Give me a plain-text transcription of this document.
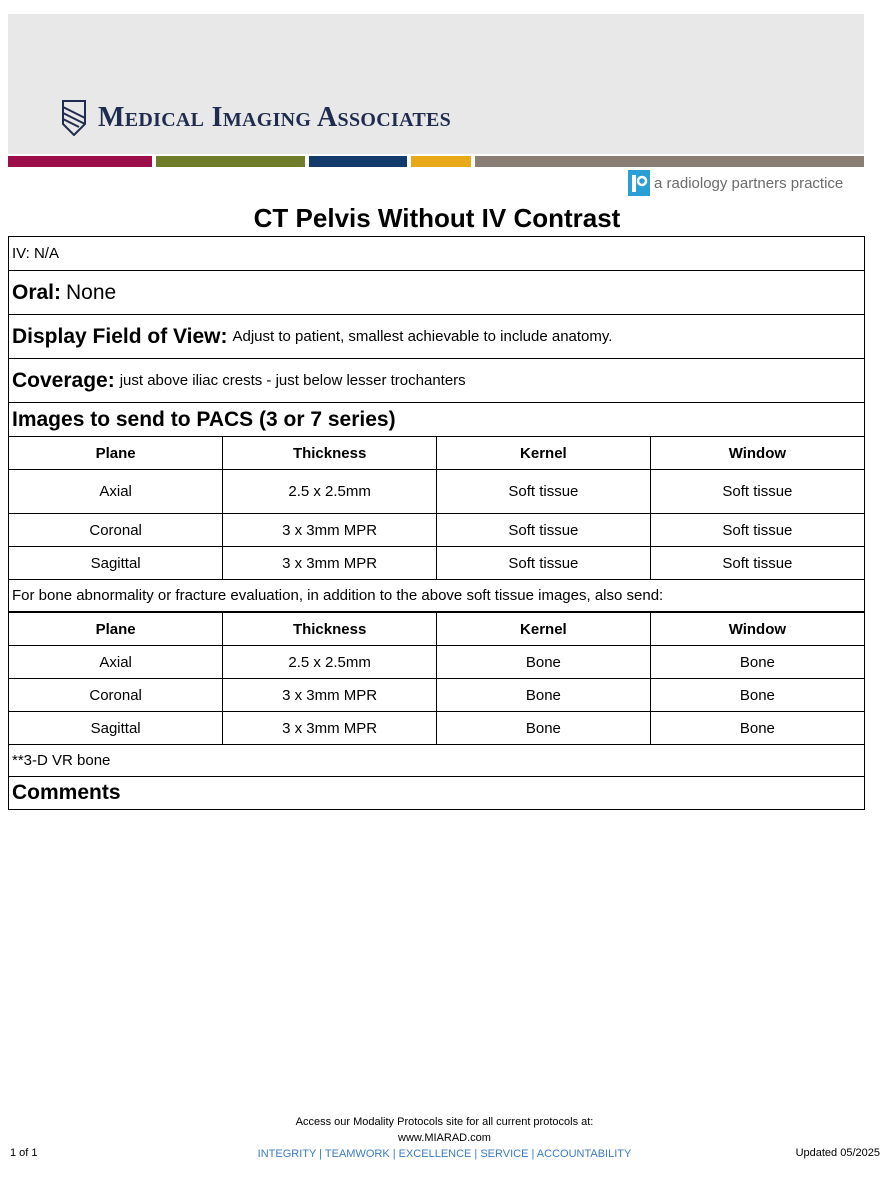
Medical Imaging Associates
a radiology partners practice
CT Pelvis Without IV Contrast
IV: N/A
Oral: None
Display Field of View: Adjust to patient, smallest achievable to include anatomy.
Coverage: just above iliac crests - just below lesser trochanters
Images to send to PACS (3 or 7 series)
Plane	Thickness	Kernel	Window
Axial	2.5 x 2.5mm	Soft tissue	Soft tissue
Coronal	3 x 3mm MPR	Soft tissue	Soft tissue
Sagittal	3 x 3mm MPR	Soft tissue	Soft tissue
For bone abnormality or fracture evaluation, in addition to the above soft tissue images, also send:
Plane	Thickness	Kernel	Window
Axial	2.5 x 2.5mm	Bone	Bone
Coronal	3 x 3mm MPR	Bone	Bone
Sagittal	3 x 3mm MPR	Bone	Bone
**3-D VR bone
Comments
Access our Modality Protocols site for all current protocols at:
www.MIARAD.com
INTEGRITY | TEAMWORK | EXCELLENCE | SERVICE | ACCOUNTABILITY
1 of 1	Updated 05/2025
